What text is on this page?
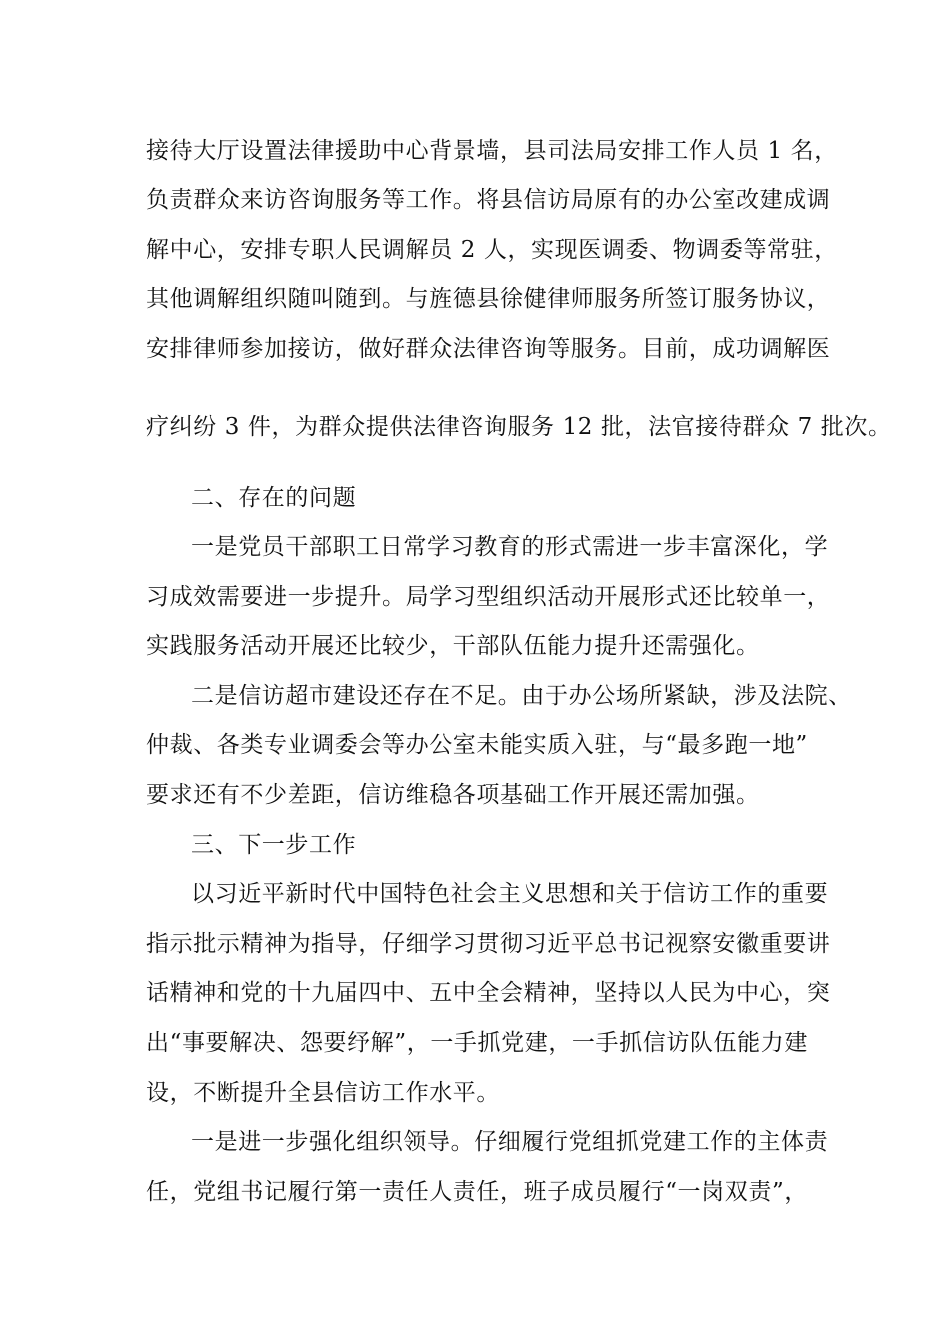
接待大厅设置法律援助中心背景墙，县司法局安排工作人员 1 名，
负责群众来访咨询服务等工作。将县信访局原有的办公室改建成调
解中心，安排专职人民调解员 2 人，实现医调委、物调委等常驻，
其他调解组织随叫随到。与旌德县徐健律师服务所签订服务协议，
安排律师参加接访，做好群众法律咨询等服务。目前，成功调解医
疗纠纷 3 件，为群众提供法律咨询服务 12 批，法官接待群众 7 批次。
二、存在的问题
一是党员干部职工日常学习教育的形式需进一步丰富深化，学
习成效需要进一步提升。局学习型组织活动开展形式还比较单一，
实践服务活动开展还比较少，干部队伍能力提升还需强化。
二是信访超市建设还存在不足。由于办公场所紧缺，涉及法院、
仲裁、各类专业调委会等办公室未能实质入驻，与“最多跑一地”
要求还有不少差距，信访维稳各项基础工作开展还需加强。
三、下一步工作
以习近平新时代中国特色社会主义思想和关于信访工作的重要
指示批示精神为指导，仔细学习贯彻习近平总书记视察安徽重要讲
话精神和党的十九届四中、五中全会精神，坚持以人民为中心，突
出“事要解决、怨要纾解”，一手抓党建，一手抓信访队伍能力建
设，不断提升全县信访工作水平。
一是进一步强化组织领导。仔细履行党组抓党建工作的主体责
任，党组书记履行第一责任人责任，班子成员履行“一岗双责”，
